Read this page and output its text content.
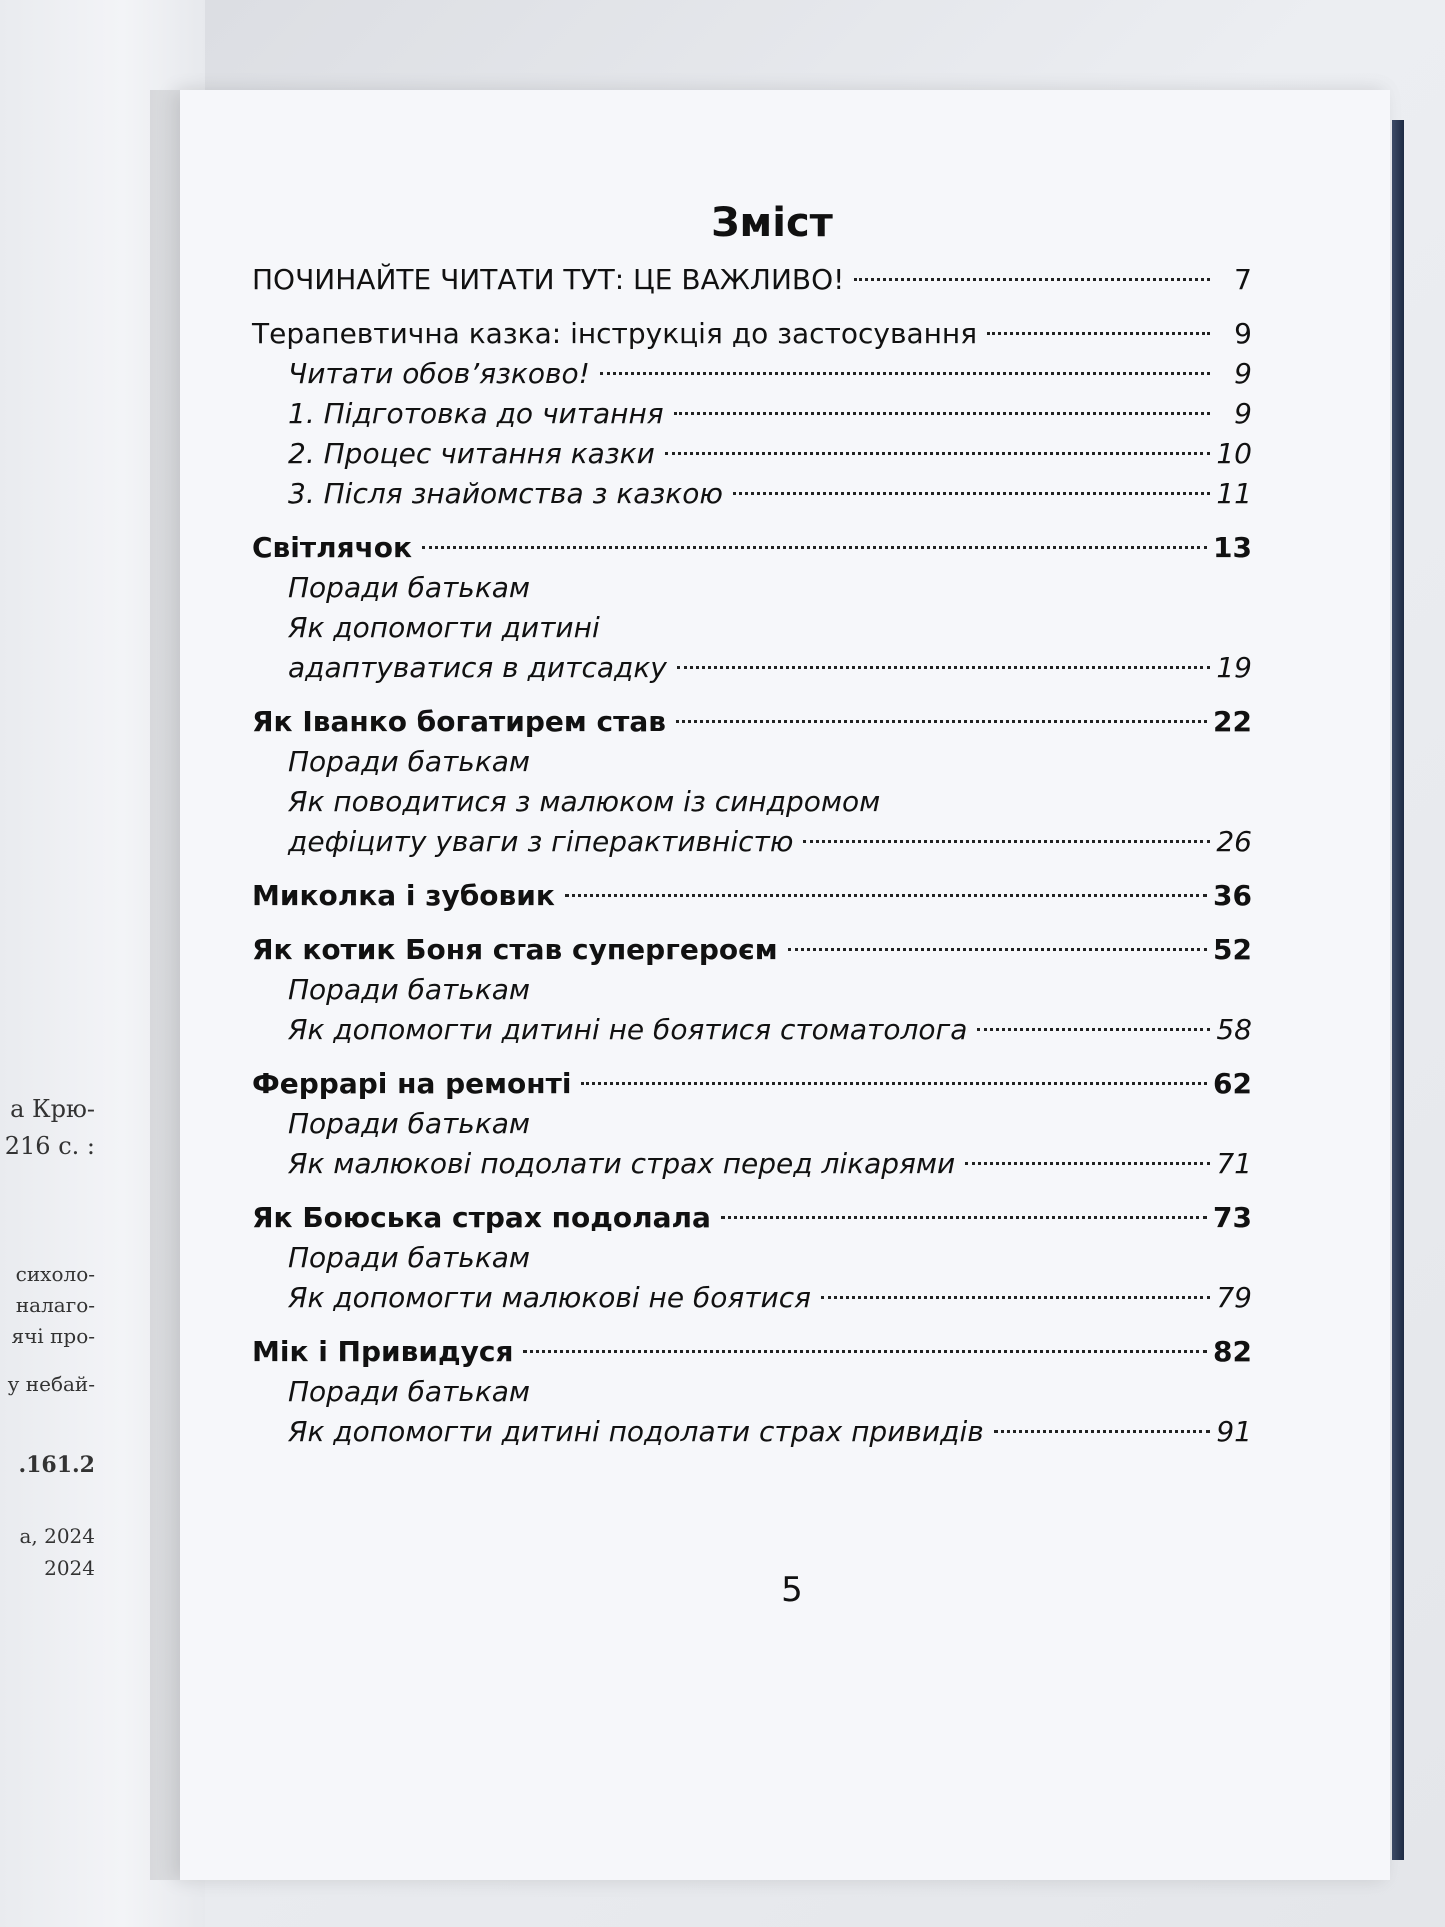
а Крю-
216 с. :
сихоло-
налаго-
ячі про-
у небай-
.161.2
а, 2024
2024
Зміст
ПОЧИНАЙТЕ ЧИТАТИ ТУТ: ЦЕ ВАЖЛИВО!	7
Терапевтична казка: інструкція до застосування	9
Читати обов’язково!	9
1. Підготовка до читання	9
2. Процес читання казки	10
3. Після знайомства з казкою	11
Світлячок	13
Поради батькам
Як допомогти дитині
адаптуватися в дитсадку	19
Як Іванко богатирем став	22
Поради батькам
Як поводитися з малюком із синдромом
дефіциту уваги з гіперактивністю	26
Миколка і зубовик	36
Як котик Боня став супергероєм	52
Поради батькам
Як допомогти дитині не боятися стоматолога	58
Феррарі на ремонті	62
Поради батькам
Як малюкові подолати страх перед лікарями	71
Як Боюська страх подолала	73
Поради батькам
Як допомогти малюкові не боятися	79
Мік і Привидуся	82
Поради батькам
Як допомогти дитині подолати страх привидів	91
5
